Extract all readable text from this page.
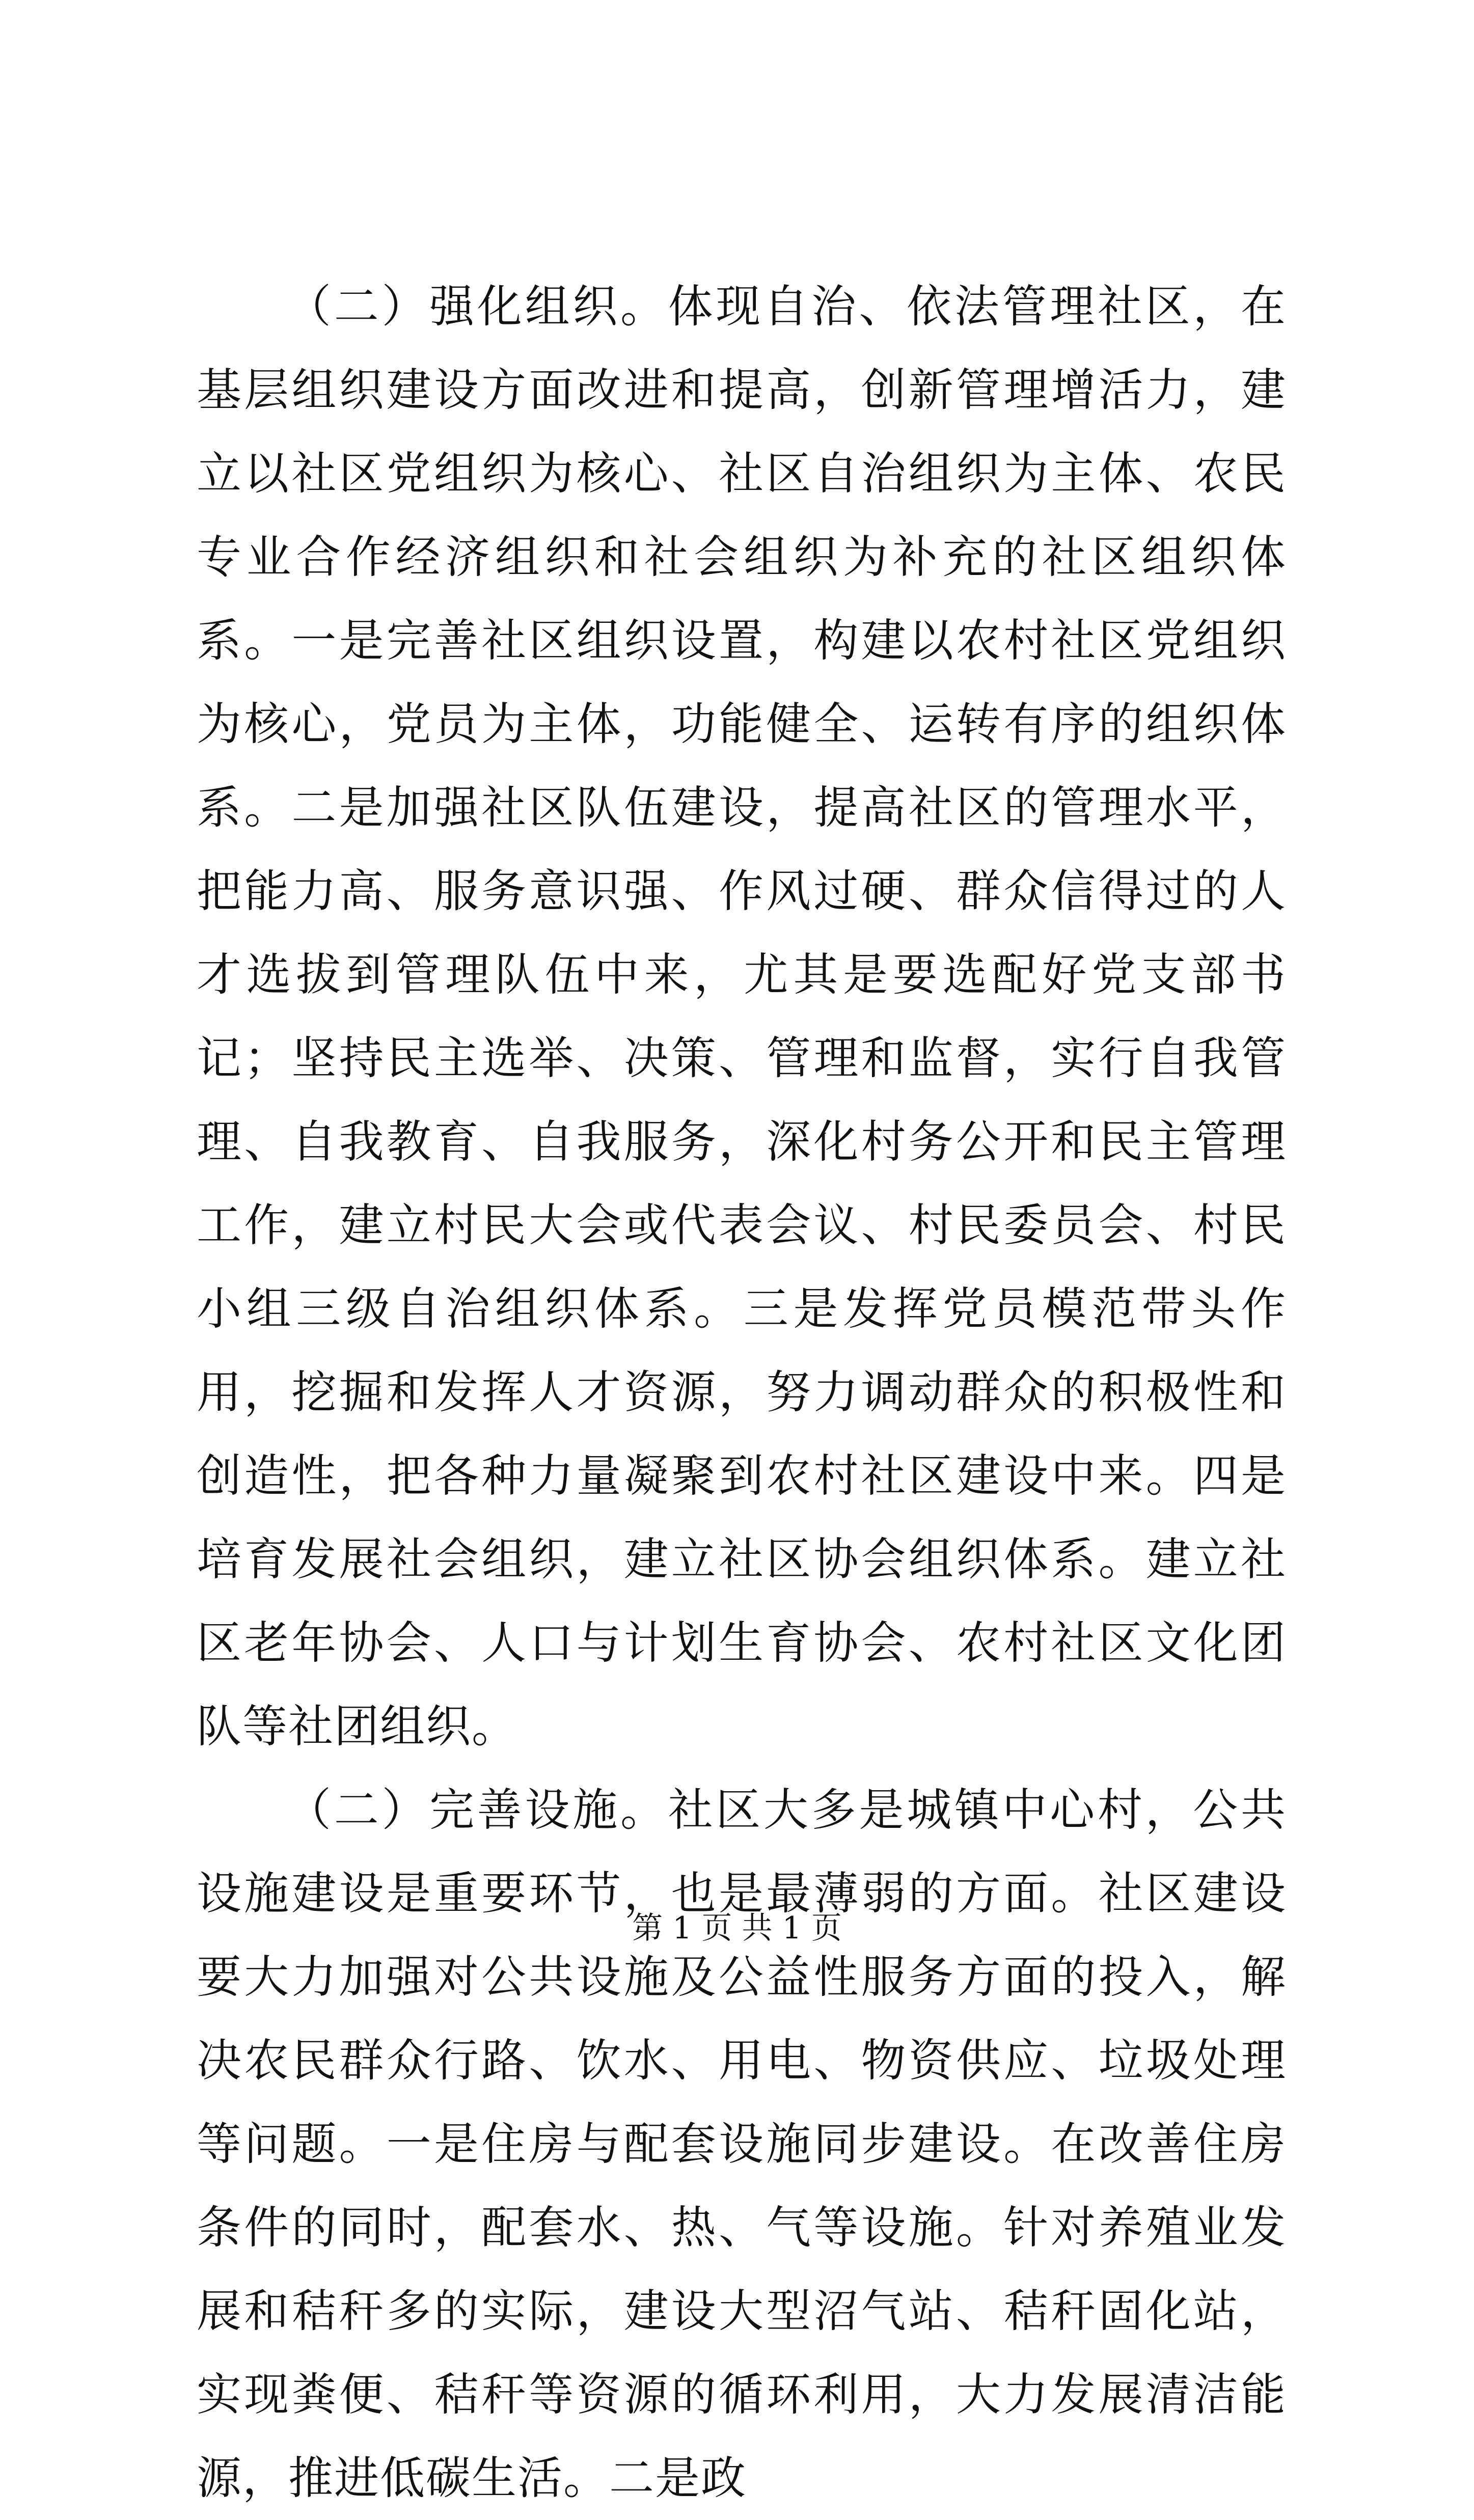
（二）强化组织。体现自治、依法管理社区，在基层组织建设方面改进和提高，创新管理增活力，建立以社区党组织为核心、社区自治组织为主体、农民专业合作经济组织和社会组织为补充的社区组织体系。一是完善社区组织设置，构建以农村社区党组织为核心，党员为主体，功能健全、运转有序的组织体系。二是加强社区队伍建设，提高社区的管理水平，把能力高、服务意识强、作风过硬、群众信得过的人才选拔到管理队伍中来，尤其是要选配好党支部书记；坚持民主选举、决策、管理和监督，实行自我管理、自我教育、自我服务，深化村务公开和民主管理工作，建立村民大会或代表会议、村民委员会、村民小组三级自治组织体系。三是发挥党员模范带头作用，挖掘和发挥人才资源，努力调动群众的积极性和创造性，把各种力量凝聚到农村社区建设中来。四是培育发展社会组织，建立社区协会组织体系。建立社区老年协会、人口与计划生育协会、农村社区文化团队等社团组织。

（二）完善设施。社区大多是城镇中心村，公共设施建设是重要环节，也是最薄弱的方面。社区建设要大力加强对公共设施及公益性服务方面的投入，解决农民群众行路、饮水、用电、物资供应、垃圾处理等问题。一是住房与配套设施同步建设。在改善住房条件的同时，配套水、热、气等设施。针对养殖业发展和秸秆多的实际，建设大型沼气站、秸秆固化站，实现粪便、秸秆等资源的循环利用，大力发展清洁能源，推进低碳生活。二是政

第 1 页 共 1 页
